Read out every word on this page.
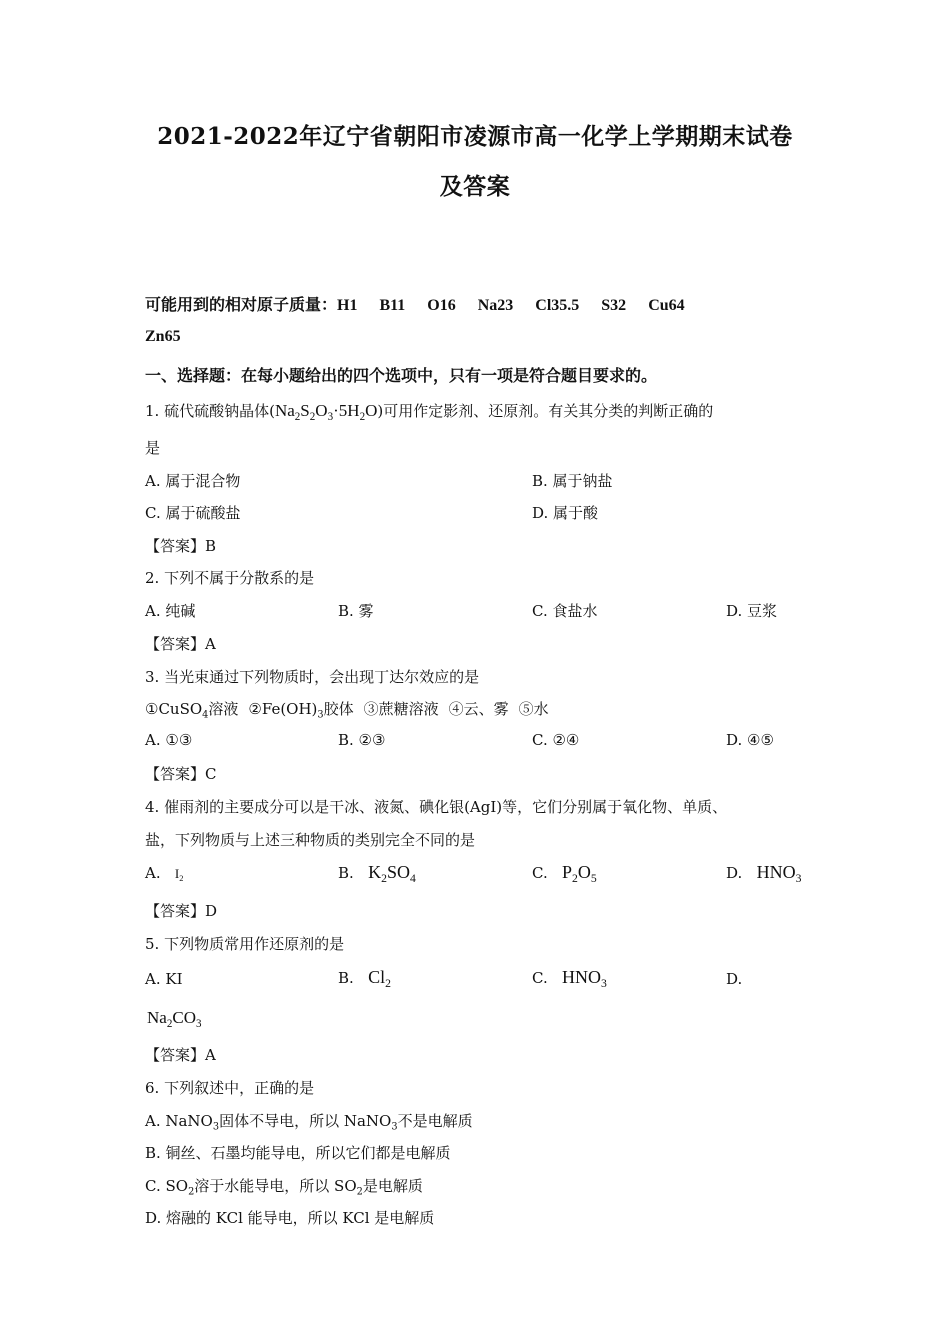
2021-2022年辽宁省朝阳市凌源市高一化学上学期期末试卷
及答案
可能用到的相对原子质量：H1 B11 O16 Na23 Cl35.5 S32 Cu64
Zn65
一、选择题：在每小题给出的四个选项中，只有一项是符合题目要求的。
1. 硫代硫酸钠晶体$(Na_2S_2O_3\cdot 5H_2O)$可用作定影剂、还原剂。有关其分类的判断正确的
是
A. 属于混合物	B. 属于钠盐
C. 属于硫酸盐	D. 属于酸
【答案】B
2. 下列不属于分散系的是
A. 纯碱	B. 雾	C. 食盐水	D. 豆浆
【答案】A
3. 当光束通过下列物质时，会出现丁达尔效应的是
①CuSO$_4$溶液 $②Fe(OH)_3$胶体 ③蔗糖溶液 ④云、雾 ⑤水
A. ①③	B. ②③	C. ②④	D. ④⑤
【答案】C
4. 催雨剂的主要成分可以是干冰、液氮、碘化银(AgI)等，它们分别属于氧化物、单质、
盐，下列物质与上述三种物质的类别完全不同的是
A. $I_2$	B. $K_2SO_4$	C. $P_2O_5$	D. $HNO_3$
【答案】D
5. 下列物质常用作还原剂的是
A. KI	B. $Cl_2$	C. $HNO_3$	D.
$Na_2CO_3$
【答案】A
6. 下列叙述中，正确的是
A. NaNO$_3$固体不导电，所以 NaNO$_3$不是电解质
B. 铜丝、石墨均能导电，所以它们都是电解质
C. $SO_2$溶于水能导电，所以 $SO_2$是电解质
D. 熔融的 KCl 能导电，所以 KCl 是电解质
